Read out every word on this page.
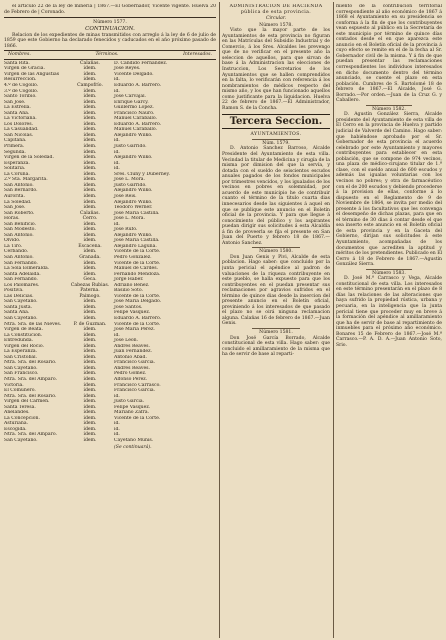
el artículo 22 de la ley de minería | 1867.—El Gobernador, Vicente vigente. Huelva 20 de Febrero de | Coronado.

Número 1577.

CONTINUACION.

Relacion de los expedientes de minas transmitidos con arreglo á la ley de 6 de julio de 1859 que este Gobierno ha declarado fenecidos y caducados en el año próximo pasado de 1866.

Nombres.	Términos.	Interesados.
Santa Rita.	Calañas.	D. Cándido Fernandez.
Virgen de Gracia.	idem.	José Reyes.
Virgen de las Angustias	idem.	Vicente Delgado.
Resurreccion.	idem.	id.
4.º de Cogollo.	Campofrío.	Eduardo A. Barrero.
3.º de Cogollo.	idem.	id.
Santo Toribio.	idem.	José Carvajal.
San José.	idem.	Enrique Garcy.
La Estrella.	idem.	Guillermo Lopez.
Santa Ana.	idem.	Francisco Nauro.
La Victoriana.	idem.	Manuel Caraballo.
Los Dolores.	idem.	Eduardo A. Barrero.
La Casualidad.	idem.	Manuel Caraballo.
San Nicolás.	idem.	Alejandro Wilko.
Capitana.	idem.	id.
Primera.	idem.	Justo Garrido.
Segunda.	idem.	id.
Virgen de la Soledad.	idem.	Alejandro Wilko.
Esperanza.	idem.	id.
Solitaria.	idem.	id.
La Coruña.	idem.	Sres. Cluny y Duberney.
2.º Sta. Margarita.	idem.	José L. Mora.
San Antonio.	idem.	Justo Garrido.
San Bernardo.	idem.	Alejandro Wilko.
Aurorita.	idem.	José Reís.
La Soledad.	idem.	Alejandro Wilko.
San José.	idem.	Teodoro Werner.
San Roberto.	Calañas.	José María Castilla.
Horas.	Cerro.	José L. Mora.
San Benificio.	idem.	id.
San Modesto.	idem.	José Rufo.
San Antonio.	idem.	Alejandro Wilko.
Olvido.	idem.	José María Castilla.
La Tiro.	Escacena.	Alejandro Laguna.
Cerbando.	idem.	Vicente de la Corte.
San Antonio.	Granada.	Pedro Gonzalez.
San Fernando.	idem.	Vicente de la Corte.
La Sola Esmeralda.	idem.	Manuel de Cárdes.
Santa Adelaida.	idem.	Fernando Mendoza.
San Fernando.	Geca.	Jorge Haber.
Los Palomares.	Cabezas Rubias.	Adriano Benez.
Positiva.	Paterna.	Basilio Soto.
Las Delicias.	Paimogo.	Vicente de la Corte.
San Cayetano.	idem.	José María Delgado.
Santa Justa.	idem.	José Santos.
Santa Ana.	idem.	Felipe Vasquez.
San Cayetano.	idem.	Eduardo A. Barrero.
Ntra. Sra. de las Nieves.	P. de Guzman.	Vicente de la Corte.
Virgen de Beata.	idem.	José María Perez.
La Constituciòn.	idem.	id.
Entredunda.	idem.	José Leon.
Virgen del Rocío.	idem.	Andres Reaves.
La Esperanza.	idem.	Juan Fernandez.
San Cristóbal.	idem.	Antonio Abad.
Ntra. Sra. del Rosario.	idem.	Francisco Garcia.
San Cayetano.	idem.	Andres Reaves.
San Francisco.	idem.	Pedro Gomez.
Ntra. Sra. del Amparo.	idem.	Alfonso Perez.
Victoria.	idem.	Francisco Carrasco.
El Comunero.	idem.	Francisco Garcia.
Ntra. Sra. del Rosario.	idem.	id.
Virgen del Carmen.	idem.	Justo Garcia.
Santa Teresa.	idem.	Felipe Vasquez.
Anelandes.	idem.	Mariano Zafra.
La Concepcion.	idem.	Vicente de la Corte.
Asturiana.	idem.	id.
Escogida.	idem.	id.
Ntra. Sra. del Amparo.	idem.	id.
San Cayetano.	idem.	Cayetano Munis.

(Se continuará).

ADMINISTRACION DE HACIENDA pública de esta provincia.

Circular.

Número 1578.

Visto que la mayor parte de los Ayuntamientos de esta provincia no figuran en las Matrículas del Subsidio Industrial y de Comercio, á los Sres. Alcaldes les prevengo que de no verificar en el presente año la seleccion de aquellos, para que sirvan de base á la Administracion las elecciones de Instruccion, Los Secretarios de los Ayuntamientos que se hallen comprendidos en la falta, lo verificarán con referencia á los nombramientos de médicos respecto del mismo año, y los que han funcionado aquellos como justificante para la liquidacion. Huelva 22 de febrero de 1867.—El Administrador, Ramon S. de la Concha.

Tercera Seccion.

AYUNTAMIENTOS.

Núm. 1579.

D. Antonio Sanchez Barroso, Alcalde Presidente del Ayuntamiento de esta villa. Vecindad la titular de Medicina y cirugía de la misma por dimision del que la servía, y dotada con el sueldo de seiscientos escudos anuales pagados de los fondos municipales por trimestres vencidos, y los igualados de los vecinos en pobres en solemnidad, por acuerdo de este municipio he de contribuir cuanto el término de la titulo cuarta dias innecesarios desde las siguientes á aquel en que se publique este anuncio en el Boletín oficial de la provincia. Y para que llegue á conocimiento del público y los aspirantes puedan dirigir sus solicitudes á esta Alcaldía á fin de proveerla se fija el presente en San Juan del Puerto y febrero 18 de 1867.—Antonio Sanchez.

Número 1580.

Don Juan Genis y Pivi, Alcalde de esta poblacion. Hago saber: que concluido por la junta pericial el apéndice al padron de valuaciones de la riqueza contribuyente en este pueblo, se halla expuesto para que los contribuyentes en el puedan presentar sus reclamaciones por agravios sufridos en el término de quince dias desde la insercion del presente anuncio en el Boletín oficial, previniendo á los interesados de que pasado el plazo no se oirá ninguna reclamacion alguna. Calañas 16 de febrero de 1867.—Juan Genis.

Número 1581.

Don José García Borrado, Alcalde constitucional de esta villa. Hago saber: que concluido el amillaramiento de la misma que ha de servir de base al reparti-

miento de la contribucion territorial correspondiente al año económico de 1867 á 1868 el Ayuntamiento en su presidencia se conforma á la fin de que los contribuyentes vean espuesto al público en la Secretaría de este municipio por término de quince días contados desde el en que aparezca este anuncio en el Boletín oficial de la provincia á cuyo efecto se remite en el de la fecha al Sr. Gobernador civil de la misma. Y á fin de que puedan presentar las reclamaciones correspondientes los individuos interesados en dicho documento dentro del término anunciado, se cuente el plazo en esta población. Cumbres de S. Bartolomé 18 de febrero de 1867.—El Alcalde, José G. Borrado.—Por orden.—Juan de la Cruz G. y Caballero.

Número 1582.

D. Agustín González Sierra, Alcalde presidente del Ayuntamiento de esta villa de El Cerro en la provincia de Huelva y partido judicial de Valverde del Camino. Hago saber: que habiéndose aprobado por el Sr. Gobernador de esta provincia el acuerdo celebrado por este Ayuntamiento y mayores contribuyentes para establecer en esta población, que se compone de 974 vecinos, una plaza de médico-cirujano titular de 1.ª clase, con el sueldo anual de 600 escudos y además las igualas voluntarias con los vecinos no pobres; y otra de farmacéutico con el de 200 escudos y debiendo procederse á la provision de ellas, conforme á lo dispuesto en el Reglamento de 9 de Noviembre de 1864, se invita por medio del presente á los facultativos que les convenga el desempeño de dichas plazas, para que en el término de 30 dias á contar desde el que sea inserto este anuncio en el Boletín oficial de esta provincia y en la Gaceta del Gobierno, dirijan sus solicitudes á este Ayuntamiento, acompañadas de los documentos que acrediten la aptitud y méritos de los pretendientes. Publicado en El Cerro á 18 de Febrero de 1867.—Agustín González Sierra.

Número 1583.

D. José M.ª Carrasco y Vega, Alcalde constitucional de esta villa. Los interesados en este término presentarán en el plazo de 8 días las relaciones de las alteraciones que haya sufrido la propiedad rústica, urbana y pecuaria, en la inteligencia que la junta pericial tiene que proceder muy en breve á la formación del apéndice al amillaramiento que ha de servir de base al repartimiento de inmuebles para el próximo año económico. Bonares 15 de Febrero de 1867.—José M.ª Carrasco.—P. A. D. A.—Juan Antonio Soto, Srio.
